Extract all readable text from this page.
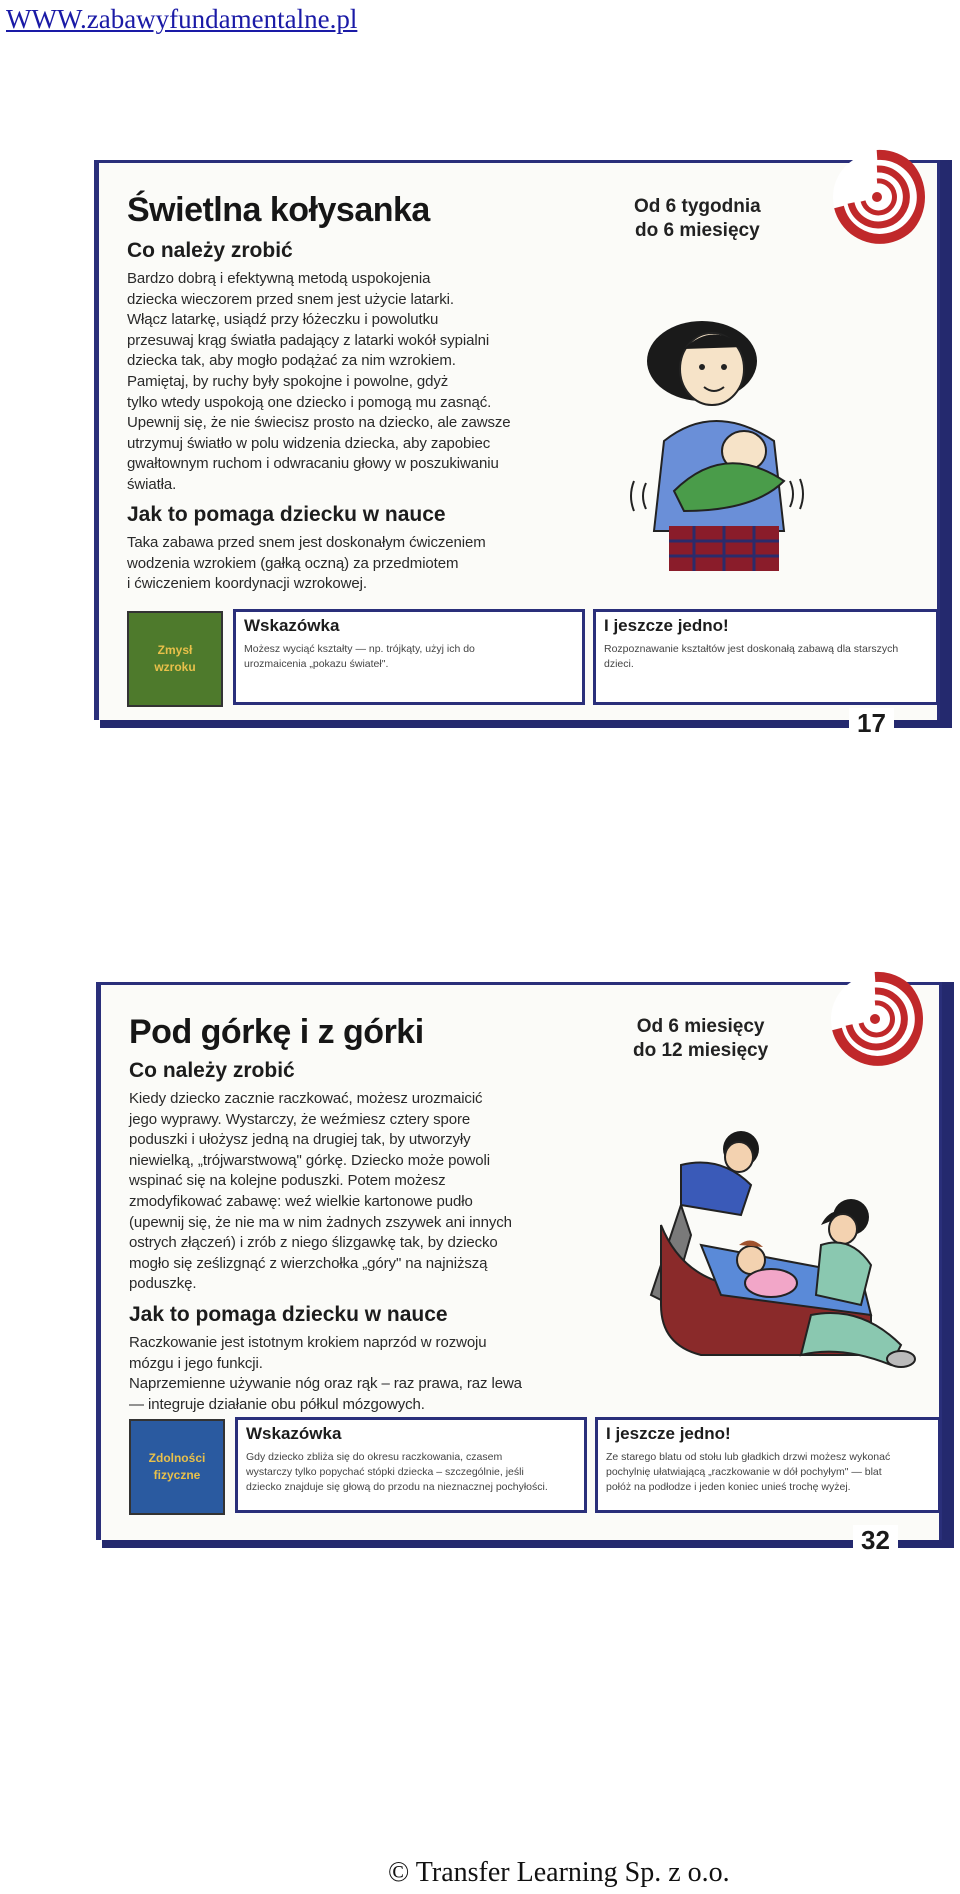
WWW.zabawyfundamentalne.pl
Świetlna kołysanka	Od 6 tygodnia
do 6 miesięcy
Co należy zrobić
Bardzo dobrą i efektywną metodą uspokojenia
dziecka wieczorem przed snem jest użycie latarki.
Włącz latarkę, usiądź przy łóżeczku i powolutku
przesuwaj krąg światła padający z latarki wokół sypialni
dziecka tak, aby mogło podążać za nim wzrokiem.
Pamiętaj, by ruchy były spokojne i powolne, gdyż
tylko wtedy uspokoją one dziecko i pomogą mu zasnąć.
Upewnij się, że nie świecisz prosto na dziecko, ale zawsze
utrzymuj światło w polu widzenia dziecka, aby zapobiec
gwałtownym ruchom i odwracaniu głowy w poszukiwaniu
światła.
Jak to pomaga dziecku w nauce
Taka zabawa przed snem jest doskonałym ćwiczeniem
wodzenia wzrokiem (gałką oczną) za przedmiotem
i ćwiczeniem koordynacji wzrokowej.
Zmysł
wzroku
Wskazówka
Możesz wyciąć kształty — np. trójkąty, użyj ich do
urozmaicenia „pokazu świateł".
I jeszcze jedno!
Rozpoznawanie kształtów jest doskonałą zabawą dla starszych
dzieci.
17
Pod górkę i z górki	Od 6 miesięcy
do 12 miesięcy
Co należy zrobić
Kiedy dziecko zacznie raczkować, możesz urozmaicić
jego wyprawy. Wystarczy, że weźmiesz cztery spore
poduszki i ułożysz jedną na drugiej tak, by utworzyły
niewielką, „trójwarstwową" górkę. Dziecko może powoli
wspinać się na kolejne poduszki. Potem możesz
zmodyfikować zabawę: weź wielkie kartonowe pudło
(upewnij się, że nie ma w nim żadnych zszywek ani innych
ostrych złączeń) i zrób z niego ślizgawkę tak, by dziecko
mogło się ześlizgnąć z wierzchołka „góry" na najniższą
poduszkę.
Jak to pomaga dziecku w nauce
Raczkowanie jest istotnym krokiem naprzód w rozwoju
mózgu i jego funkcji.
Naprzemienne używanie nóg oraz rąk – raz prawa, raz lewa
— integruje działanie obu półkul mózgowych.
Zdolności
fizyczne
Wskazówka
Gdy dziecko zbliża się do okresu raczkowania, czasem
wystarczy tylko popychać stópki dziecka – szczególnie, jeśli
dziecko znajduje się głową do przodu na nieznacznej pochyłości.
I jeszcze jedno!
Ze starego blatu od stołu lub gładkich drzwi możesz wykonać
pochylnię ułatwiającą „raczkowanie w dół pochyłym" — blat
połóż na podłodze i jeden koniec unieś trochę wyżej.
32
© Transfer Learning Sp. z o.o.
